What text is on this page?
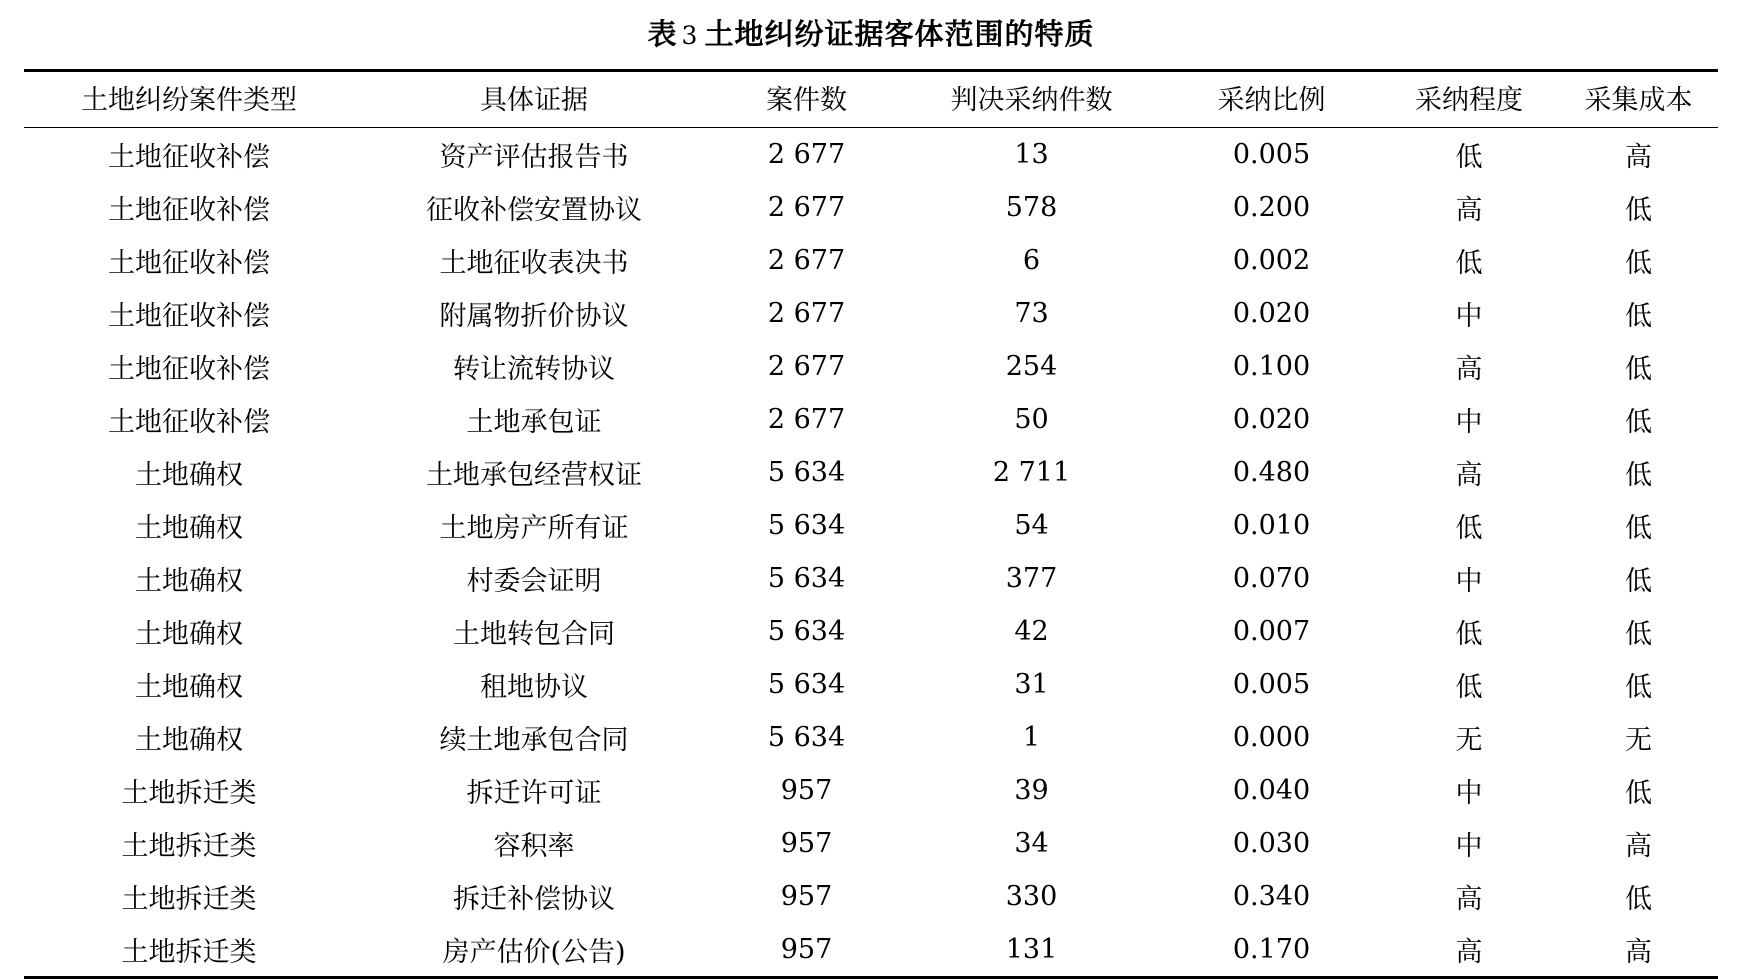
表 3 土地纠纷证据客体范围的特质
土地纠纷案件类型	具体证据	案件数	判决采纳件数	采纳比例	采纳程度	采集成本
土地征收补偿	资产评估报告书	2 677	13	0.005	低	高
土地征收补偿	征收补偿安置协议	2 677	578	0.200	高	低
土地征收补偿	土地征收表决书	2 677	6	0.002	低	低
土地征收补偿	附属物折价协议	2 677	73	0.020	中	低
土地征收补偿	转让流转协议	2 677	254	0.100	高	低
土地征收补偿	土地承包证	2 677	50	0.020	中	低
土地确权	土地承包经营权证	5 634	2 711	0.480	高	低
土地确权	土地房产所有证	5 634	54	0.010	低	低
土地确权	村委会证明	5 634	377	0.070	中	低
土地确权	土地转包合同	5 634	42	0.007	低	低
土地确权	租地协议	5 634	31	0.005	低	低
土地确权	续土地承包合同	5 634	1	0.000	无	无
土地拆迁类	拆迁许可证	957	39	0.040	中	低
土地拆迁类	容积率	957	34	0.030	中	高
土地拆迁类	拆迁补偿协议	957	330	0.340	高	低
土地拆迁类	房产估价(公告)	957	131	0.170	高	高
